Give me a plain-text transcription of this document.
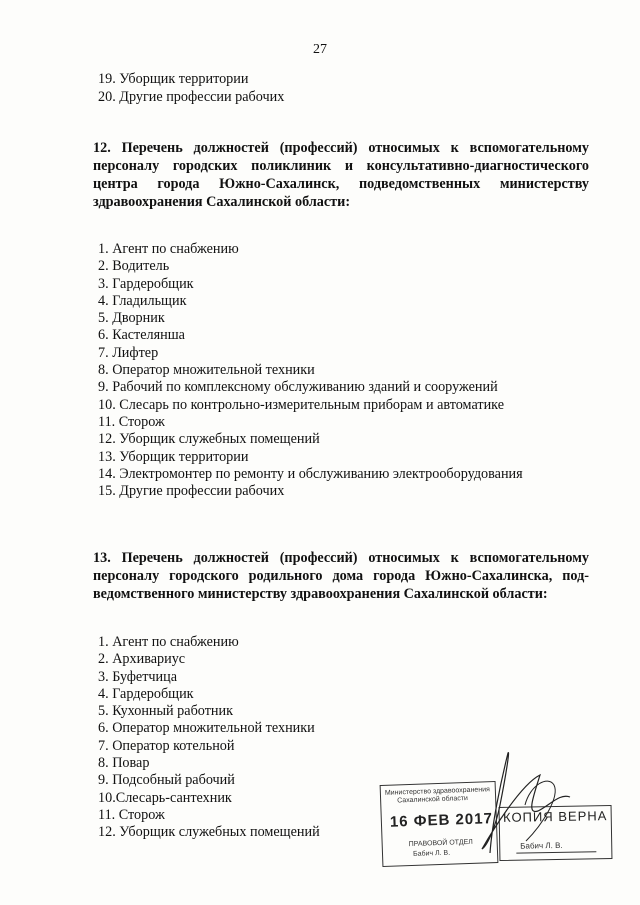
27
19. Уборщик территории
20. Другие профессии рабочих
12. Перечень должностей (профессий) относимых к вспомогательному
персоналу городских поликлиник и консультативно-диагностического
центра города Южно-Сахалинск, подведомственных министерству
здравоохранения Сахалинской области:
1. Агент по снабжению
2. Водитель
3. Гардеробщик
4. Гладильщик
5. Дворник
6. Кастелянша
7. Лифтер
8. Оператор множительной техники
9. Рабочий по комплексному обслуживанию зданий и сооружений
10. Слесарь по контрольно-измерительным приборам и автоматике
11. Сторож
12. Уборщик служебных помещений
13. Уборщик территории
14. Электромонтер по ремонту и обслуживанию электрооборудования
15. Другие профессии рабочих
13. Перечень должностей (профессий) относимых к вспомогательному
персоналу городского родильного дома города Южно-Сахалинска, под-
ведомственного министерству здравоохранения Сахалинской области:
1. Агент по снабжению
2. Архивариус
3. Буфетчица
4. Гардеробщик
5. Кухонный работник
6. Оператор множительной техники
7. Оператор котельной
8. Повар
9. Подсобный рабочий
10.Слесарь-сантехник
11. Сторож
12. Уборщик служебных помещений
Министерство здравоохранения
Сахалинской области
16 ФЕВ 2017
ПРАВОВОЙ ОТДЕЛ
Бабич Л. В.
КОПИЯ ВЕРНА
Бабич Л. В.
